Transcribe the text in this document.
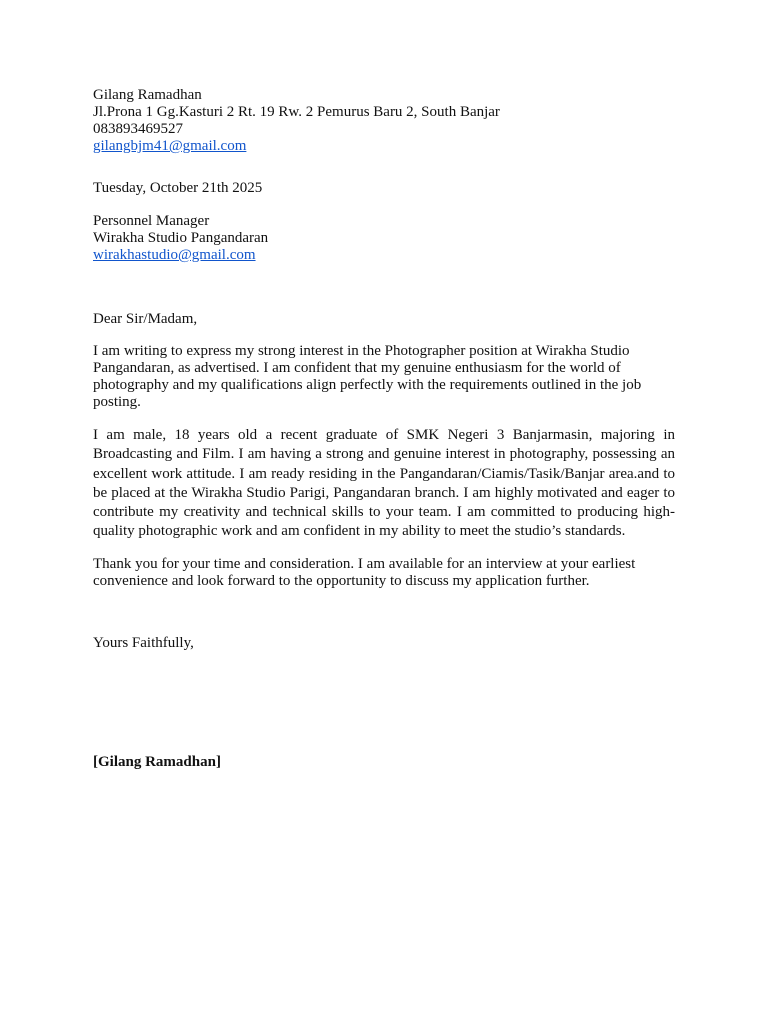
Gilang Ramadhan
Jl.Prona 1 Gg.Kasturi 2 Rt. 19 Rw. 2 Pemurus Baru 2, South Banjar
083893469527
gilangbjm41@gmail.com
Tuesday, October 21th 2025
Personnel Manager
Wirakha Studio Pangandaran
wirakhastudio@gmail.com
Dear Sir/Madam,

I am writing to express my strong interest in the Photographer position at Wirakha Studio Pangandaran, as advertised. I am confident that my genuine enthusiasm for the world of photography and my qualifications align perfectly with the requirements outlined in the job posting.

I am male, 18 years old a recent graduate of SMK Negeri 3 Banjarmasin, majoring in Broadcasting and Film. I am having a strong and genuine interest in photography, possessing an excellent work attitude. I am ready residing in the Pangandaran/Ciamis/Tasik/Banjar area.and to be placed at the Wirakha Studio Parigi, Pangandaran branch. I am highly motivated and eager to contribute my creativity and technical skills to your team. I am committed to producing high-quality photographic work and am confident in my ability to meet the studio’s standards.

Thank you for your time and consideration. I am available for an interview at your earliest convenience and look forward to the opportunity to discuss my application further.

Yours Faithfully,
[Gilang Ramadhan]
